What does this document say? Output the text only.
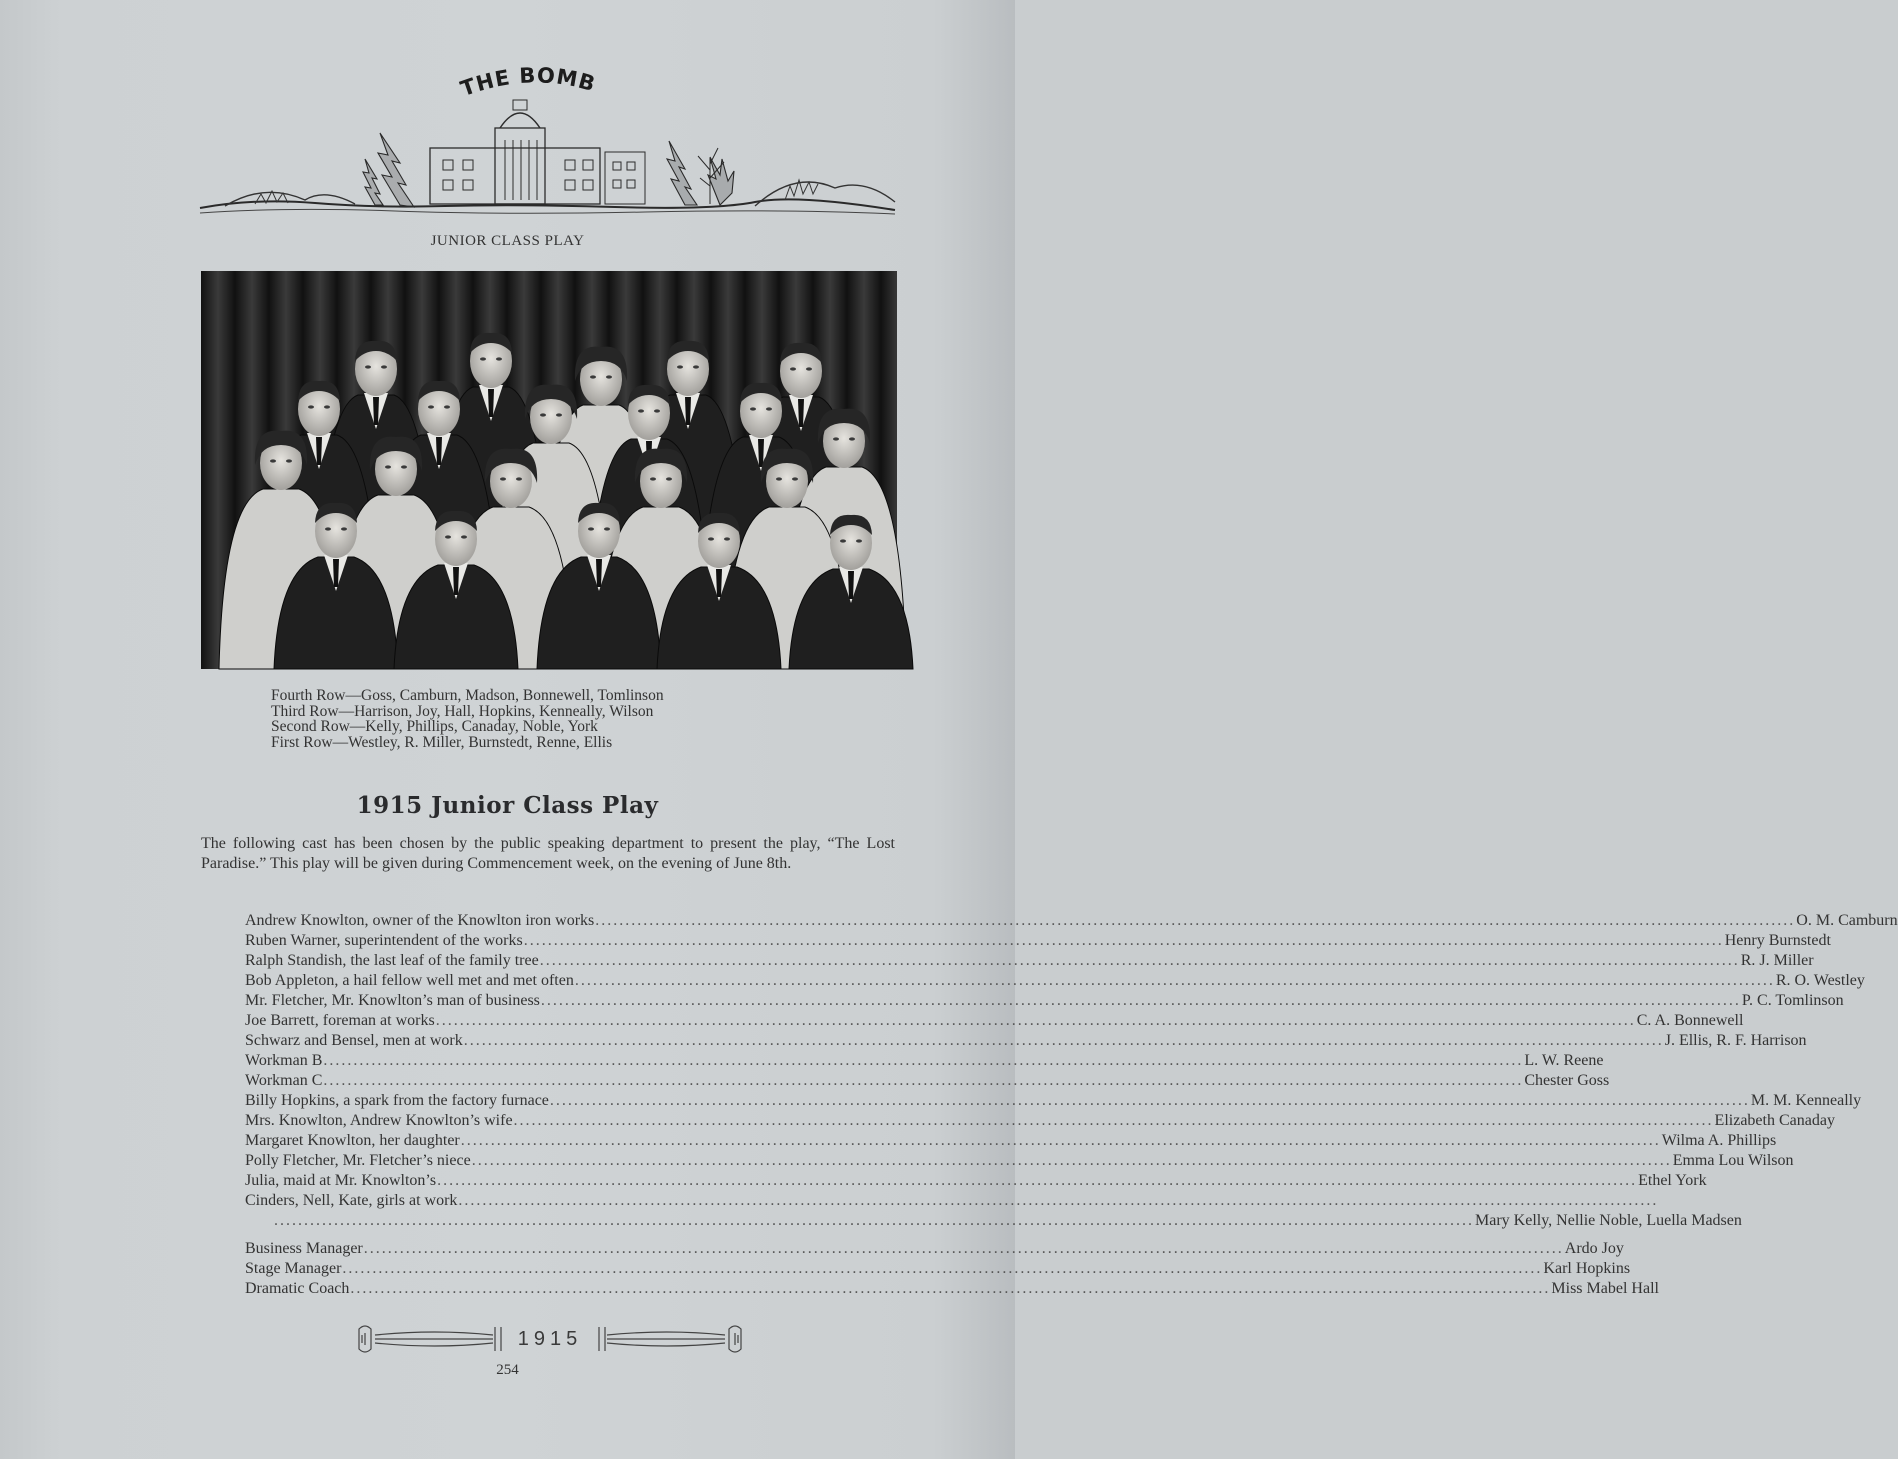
THE BOMB
JUNIOR CLASS PLAY
Fourth Row—Goss, Camburn, Madson, Bonnewell, Tomlinson
Third Row—Harrison, Joy, Hall, Hopkins, Kenneally, Wilson
Second Row—Kelly, Phillips, Canaday, Noble, York
First Row—Westley, R. Miller, Burnstedt, Renne, Ellis
1915 Junior Class Play
The following cast has been chosen by the public speaking department to present the play, “The Lost Paradise.” This play will be given during Commencement week, on the evening of June 8th.
Andrew Knowlton, owner of the Knowlton iron works ........................................................................................................................................................................................................ O. M. Camburn
Ruben Warner, superintendent of the works ........................................................................................................................................................................................................ Henry Burnstedt
Ralph Standish, the last leaf of the family tree ........................................................................................................................................................................................................ R. J. Miller
Bob Appleton, a hail fellow well met and met often ........................................................................................................................................................................................................ R. O. Westley
Mr. Fletcher, Mr. Knowlton’s man of business ........................................................................................................................................................................................................ P. C. Tomlinson
Joe Barrett, foreman at works ........................................................................................................................................................................................................ C. A. Bonnewell
Schwarz and Bensel, men at work ........................................................................................................................................................................................................ J. Ellis, R. F. Harrison
Workman B ........................................................................................................................................................................................................ L. W. Reene
Workman C ........................................................................................................................................................................................................ Chester Goss
Billy Hopkins, a spark from the factory furnace ........................................................................................................................................................................................................ M. M. Kenneally
Mrs. Knowlton, Andrew Knowlton’s wife ........................................................................................................................................................................................................ Elizabeth Canaday
Margaret Knowlton, her daughter ........................................................................................................................................................................................................ Wilma A. Phillips
Polly Fletcher, Mr. Fletcher’s niece ........................................................................................................................................................................................................ Emma Lou Wilson
Julia, maid at Mr. Knowlton’s ........................................................................................................................................................................................................ Ethel York
Cinders, Nell, Kate, girls at work ........................................................................................................................................................................................................
........................................................................................................................................................................................................ Mary Kelly, Nellie Noble, Luella Madsen
Business Manager ........................................................................................................................................................................................................ Ardo Joy
Stage Manager ........................................................................................................................................................................................................ Karl Hopkins
Dramatic Coach ........................................................................................................................................................................................................ Miss Mabel Hall
1915
254
